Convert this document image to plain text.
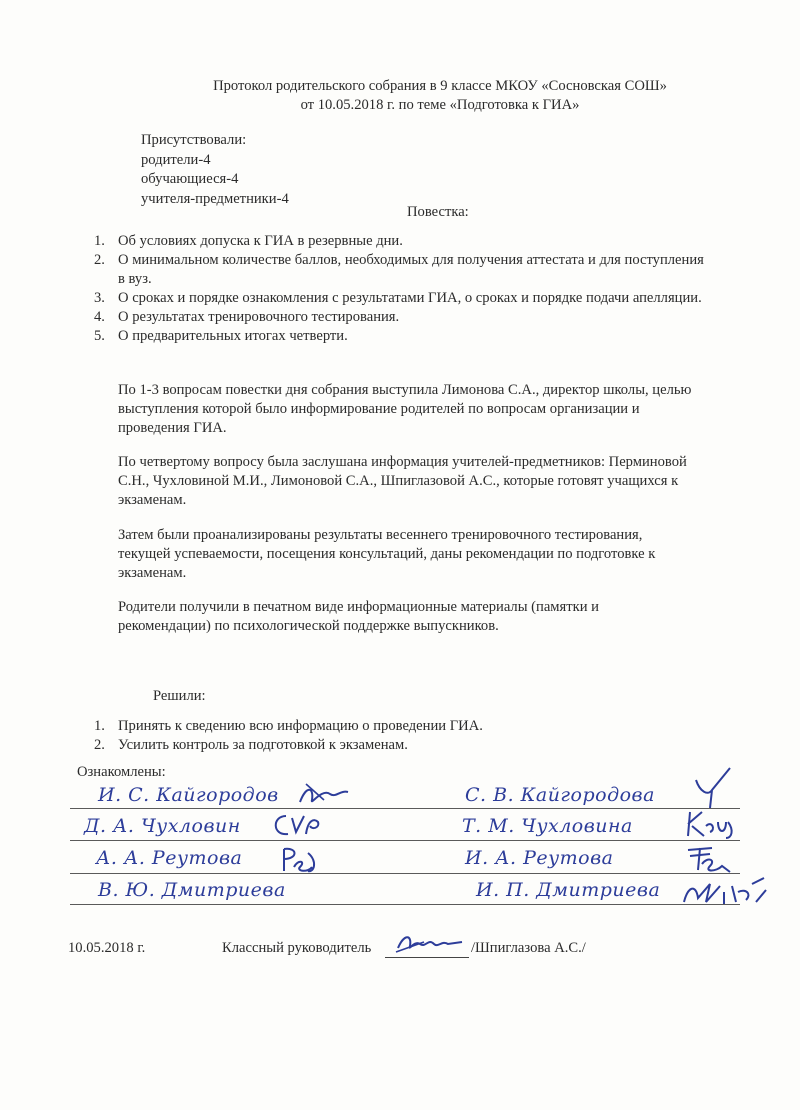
Протокол родительского собрания в 9 классе МКОУ «Сосновская СОШ»
от 10.05.2018 г. по теме «Подготовка к ГИА»
Присутствовали:
родители-4
обучающиеся-4
учителя-предметники-4
Повестка:
1. Об условиях допуска к ГИА в резервные дни.
2. О минимальном количестве баллов, необходимых для получения аттестата и для поступления
в вуз.
3. О сроках и порядке ознакомления с результатами ГИА, о сроках и порядке подачи апелляции.
4. О результатах тренировочного тестирования.
5. О предварительных итогах четверти.
По 1-3 вопросам повестки дня собрания выступила Лимонова С.А., директор школы, целью
выступления которой было информирование родителей по вопросам организации и
проведения ГИА.
По четвертому вопросу была заслушана информация учителей-предметников: Перминовой
С.Н., Чухловиной М.И., Лимоновой С.А., Шпиглазовой А.С., которые готовят учащихся к
экзаменам.
Затем были проанализированы результаты весеннего тренировочного тестирования,
текущей успеваемости, посещения консультаций, даны рекомендации по подготовке к
экзаменам.
Родители получили в печатном виде информационные материалы (памятки и
рекомендации) по психологической поддержке выпускников.
Решили:
1. Принять к сведению всю информацию о проведении ГИА.
2. Усилить контроль за подготовкой к экзаменам.
Ознакомлены:
И. С. Кайгородов
Д. А. Чухловин
А. А. Реутова
В. Ю. Дмитриева
С. В. Кайгородова
Т. М. Чухловина
И. А. Реутова
И. П. Дмитриева
10.05.2018 г.	Классный руководитель	/Шпиглазова А.С./
